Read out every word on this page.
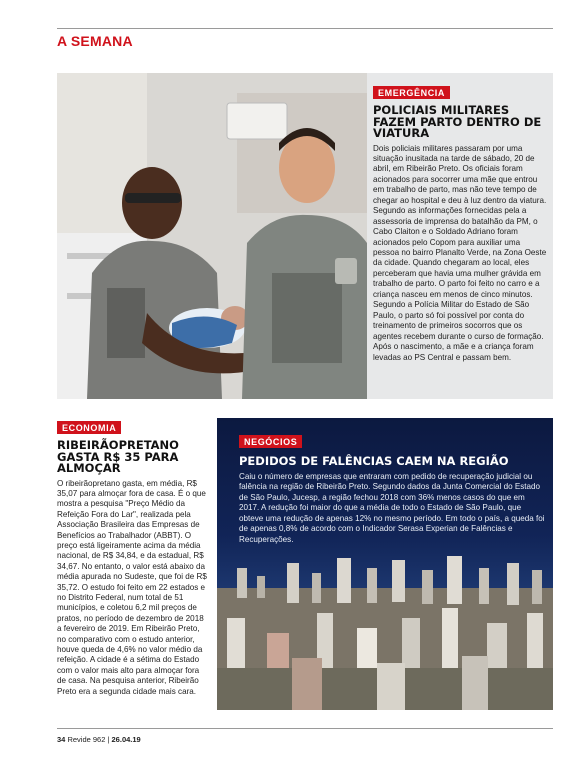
A SEMANA
EMERGÊNCIA
POLICIAIS MILITARES FAZEM PARTO DENTRO DE VIATURA
Dois policiais militares passaram por uma situação inusitada na tarde de sábado, 20 de abril, em Ribeirão Preto. Os oficiais foram acionados para socorrer uma mãe que entrou em trabalho de parto, mas não teve tempo de chegar ao hospital e deu à luz dentro da viatura. Segundo as informações fornecidas pela a assessoria de imprensa do batalhão da PM, o Cabo Claiton e o Soldado Adriano foram acionados pelo Copom para auxiliar uma pessoa no bairro Planalto Verde, na Zona Oeste da cidade. Quando chegaram ao local, eles perceberam que havia uma mulher grávida em trabalho de parto. O parto foi feito no carro e a criança nasceu em menos de cinco minutos. Segundo a Polícia Militar do Estado de São Paulo, o parto só foi possível por conta do treinamento de primeiros socorros que os agentes recebem durante o curso de formação. Após o nascimento, a mãe e a criança foram levadas ao PS Central e passam bem.
ECONOMIA
RIBEIRÃOPRETANO GASTA R$ 35 PARA ALMOÇAR
O ribeirãopretano gasta, em média, R$ 35,07 para almoçar fora de casa. É o que mostra a pesquisa "Preço Médio da Refeição Fora do Lar", realizada pela Associação Brasileira das Empresas de Benefícios ao Trabalhador (ABBT). O preço está ligeiramente acima da média nacional, de R$ 34,84, e da estadual, R$ 34,67. No entanto, o valor está abaixo da média apurada no Sudeste, que foi de R$ 35,72. O estudo foi feito em 22 estados e no Distrito Federal, num total de 51 municípios, e coletou 6,2 mil preços de pratos, no período de dezembro de 2018 a fevereiro de 2019. Em Ribeirão Preto, no comparativo com o estudo anterior, houve queda de 4,6% no valor médio da refeição. A cidade é a sétima do Estado com o valor mais alto para almoçar fora de casa. Na pesquisa anterior, Ribeirão Preto era a segunda cidade mais cara.
NEGÓCIOS
PEDIDOS DE FALÊNCIAS CAEM NA REGIÃO
Caiu o número de empresas que entraram com pedido de recuperação judicial ou falência na região de Ribeirão Preto. Segundo dados da Junta Comercial do Estado de São Paulo, Jucesp, a região fechou 2018 com 36% menos casos do que em 2017. A redução foi maior do que a média de todo o Estado de São Paulo, que obteve uma redução de apenas 12% no mesmo período. Em todo o país, a queda foi de apenas 0,8% de acordo com o Indicador Serasa Experian de Falências e Recuperações.
34 Revide 962 | 26.04.19
